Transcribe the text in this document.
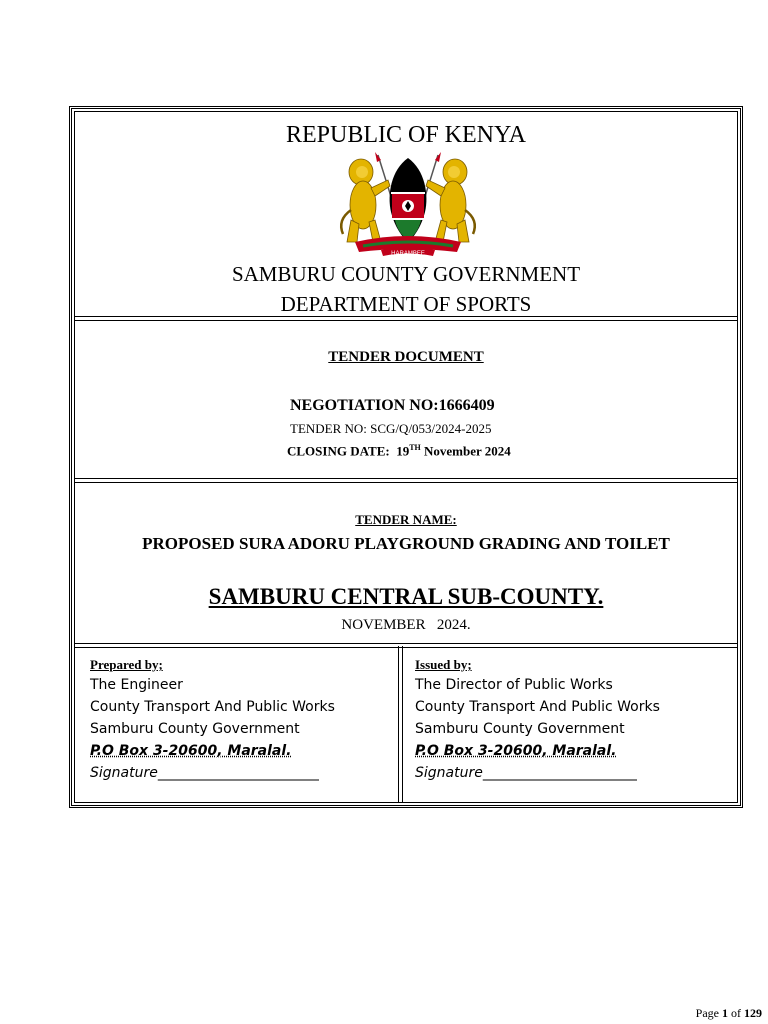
REPUBLIC OF KENYA
HARAMBEE
SAMBURU COUNTY GOVERNMENT
DEPARTMENT OF SPORTS
TENDER DOCUMENT
NEGOTIATION NO:1666409
TENDER NO: SCG/Q/053/2024-2025
CLOSING DATE: 19TH November 2024
TENDER NAME:
PROPOSED SURA ADORU PLAYGROUND GRADING AND TOILET
SAMBURU CENTRAL SUB-COUNTY.
NOVEMBER   2024.
Prepared by;
The Engineer
County Transport And Public Works
Samburu County Government
P.O Box 3-20600, Maralal.
Signature_______________________
Issued by;
The Director of Public Works
County Transport And Public Works
Samburu County Government
P.O Box 3-20600, Maralal.
Signature______________________
Page 1 of 129
